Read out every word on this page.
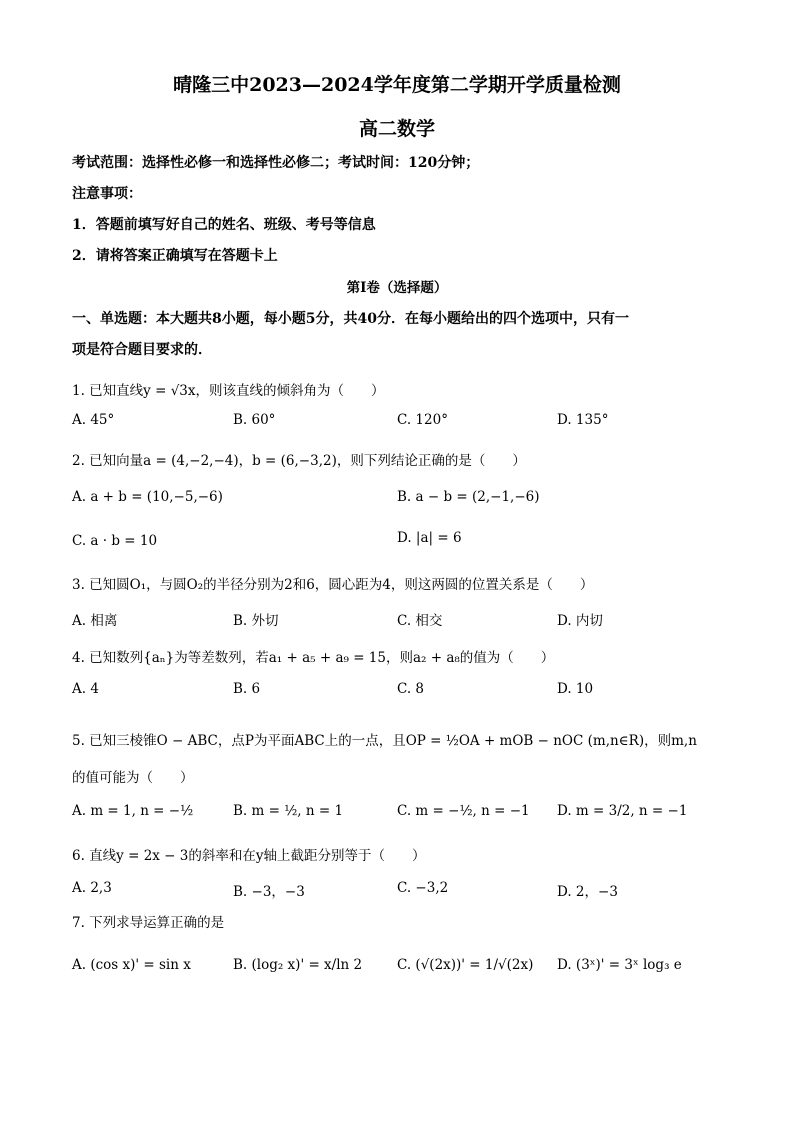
晴隆三中2023—2024学年度第二学期开学质量检测
高二数学
考试范围：选择性必修一和选择性必修二；考试时间：120分钟；
注意事项：
1．答题前填写好自己的姓名、班级、考号等信息
2．请将答案正确填写在答题卡上
第I卷（选择题）
一、单选题：本大题共8小题，每小题5分，共40分．在每小题给出的四个选项中，只有一
项是符合题目要求的．
1. 已知直线y = √3x，则该直线的倾斜角为（　　）
A. 45°	B. 60°	C. 120°	D. 135°
2. 已知向量a = (4,−2,−4)，b = (6,−3,2)，则下列结论正确的是（　　）
A. a + b = (10,−5,−6)	B. a − b = (2,−1,−6)
C. a · b = 10	D. |a| = 6
3. 已知圆O₁，与圆O₂的半径分别为2和6，圆心距为4，则这两圆的位置关系是（　　）
A. 相离	B. 外切	C. 相交	D. 内切
4. 已知数列{aₙ}为等差数列，若a₁ + a₅ + a₉ = 15，则a₂ + a₈的值为（　　）
A. 4	B. 6	C. 8	D. 10
5. 已知三棱锥O − ABC，点P为平面ABC上的一点，且OP = ½OA + mOB − nOC (m,n∈R)，则m,n
的值可能为（　　）
A. m = 1, n = −½	B. m = ½, n = 1	C. m = −½, n = −1 D. m = 3/2, n = −1
6. 直线y = 2x − 3的斜率和在y轴上截距分别等于（　　）
A. 2,3	B. −3，−3	C. −3,2	D. 2，−3
7. 下列求导运算正确的是
A. (cos x)' = sin x	B. (log₂ x)' = x/ln 2	C. (√(2x))' = 1/√(2x) D. (3ˣ)' = 3ˣ log₃ e
